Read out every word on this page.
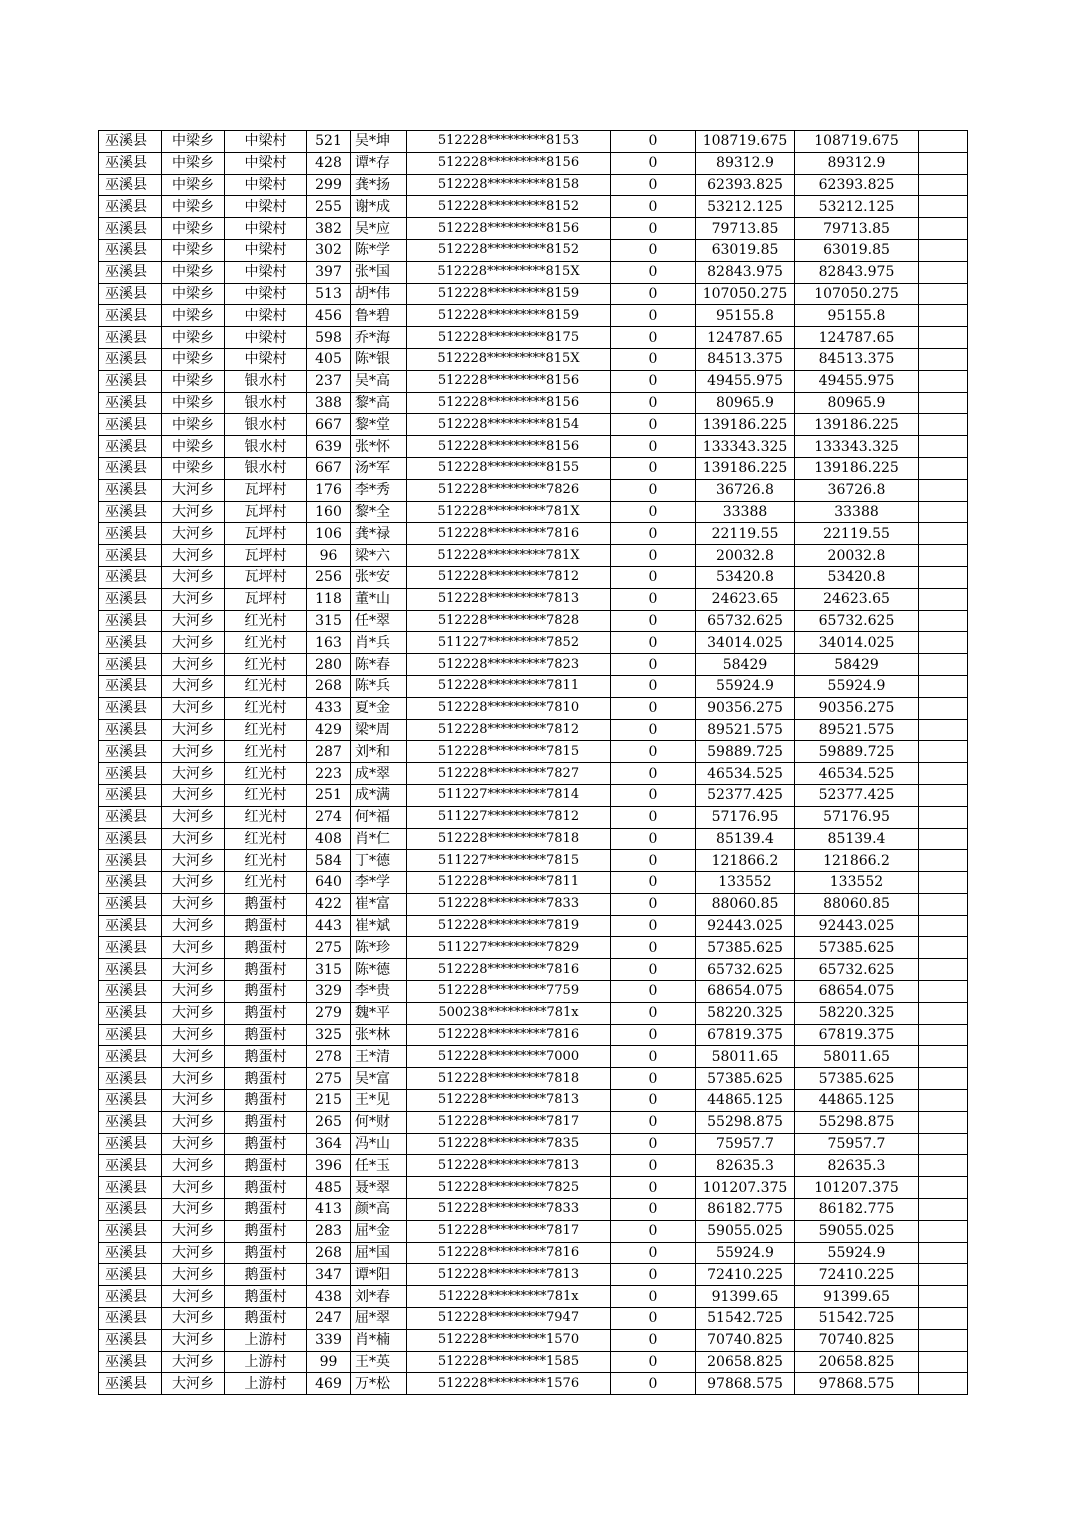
巫溪县	中梁乡	中梁村	521	吴*坤	512228*********8153	0	108719.675	108719.675	
巫溪县	中梁乡	中梁村	428	谭*存	512228*********8156	0	89312.9	89312.9	
巫溪县	中梁乡	中梁村	299	龚*扬	512228*********8158	0	62393.825	62393.825	
巫溪县	中梁乡	中梁村	255	谢*成	512228*********8152	0	53212.125	53212.125	
巫溪县	中梁乡	中梁村	382	吴*应	512228*********8156	0	79713.85	79713.85	
巫溪县	中梁乡	中梁村	302	陈*学	512228*********8152	0	63019.85	63019.85	
巫溪县	中梁乡	中梁村	397	张*国	512228*********815X	0	82843.975	82843.975	
巫溪县	中梁乡	中梁村	513	胡*伟	512228*********8159	0	107050.275	107050.275	
巫溪县	中梁乡	中梁村	456	鲁*碧	512228*********8159	0	95155.8	95155.8	
巫溪县	中梁乡	中梁村	598	乔*海	512228*********8175	0	124787.65	124787.65	
巫溪县	中梁乡	中梁村	405	陈*银	512228*********815X	0	84513.375	84513.375	
巫溪县	中梁乡	银水村	237	吴*高	512228*********8156	0	49455.975	49455.975	
巫溪县	中梁乡	银水村	388	黎*高	512228*********8156	0	80965.9	80965.9	
巫溪县	中梁乡	银水村	667	黎*堂	512228*********8154	0	139186.225	139186.225	
巫溪县	中梁乡	银水村	639	张*怀	512228*********8156	0	133343.325	133343.325	
巫溪县	中梁乡	银水村	667	汤*军	512228*********8155	0	139186.225	139186.225	
巫溪县	大河乡	瓦坪村	176	李*秀	512228*********7826	0	36726.8	36726.8	
巫溪县	大河乡	瓦坪村	160	黎*全	512228*********781X	0	33388	33388	
巫溪县	大河乡	瓦坪村	106	龚*禄	512228*********7816	0	22119.55	22119.55	
巫溪县	大河乡	瓦坪村	96	梁*六	512228*********781X	0	20032.8	20032.8	
巫溪县	大河乡	瓦坪村	256	张*安	512228*********7812	0	53420.8	53420.8	
巫溪县	大河乡	瓦坪村	118	董*山	512228*********7813	0	24623.65	24623.65	
巫溪县	大河乡	红光村	315	任*翠	512228*********7828	0	65732.625	65732.625	
巫溪县	大河乡	红光村	163	肖*兵	511227*********7852	0	34014.025	34014.025	
巫溪县	大河乡	红光村	280	陈*春	512228*********7823	0	58429	58429	
巫溪县	大河乡	红光村	268	陈*兵	512228*********7811	0	55924.9	55924.9	
巫溪县	大河乡	红光村	433	夏*金	512228*********7810	0	90356.275	90356.275	
巫溪县	大河乡	红光村	429	梁*周	512228*********7812	0	89521.575	89521.575	
巫溪县	大河乡	红光村	287	刘*和	512228*********7815	0	59889.725	59889.725	
巫溪县	大河乡	红光村	223	成*翠	512228*********7827	0	46534.525	46534.525	
巫溪县	大河乡	红光村	251	成*满	511227*********7814	0	52377.425	52377.425	
巫溪县	大河乡	红光村	274	何*福	511227*********7812	0	57176.95	57176.95	
巫溪县	大河乡	红光村	408	肖*仁	512228*********7818	0	85139.4	85139.4	
巫溪县	大河乡	红光村	584	丁*德	511227*********7815	0	121866.2	121866.2	
巫溪县	大河乡	红光村	640	李*学	512228*********7811	0	133552	133552	
巫溪县	大河乡	鹅蛋村	422	崔*富	512228*********7833	0	88060.85	88060.85	
巫溪县	大河乡	鹅蛋村	443	崔*斌	512228*********7819	0	92443.025	92443.025	
巫溪县	大河乡	鹅蛋村	275	陈*珍	511227*********7829	0	57385.625	57385.625	
巫溪县	大河乡	鹅蛋村	315	陈*德	512228*********7816	0	65732.625	65732.625	
巫溪县	大河乡	鹅蛋村	329	李*贵	512228*********7759	0	68654.075	68654.075	
巫溪县	大河乡	鹅蛋村	279	魏*平	500238*********781x	0	58220.325	58220.325	
巫溪县	大河乡	鹅蛋村	325	张*林	512228*********7816	0	67819.375	67819.375	
巫溪县	大河乡	鹅蛋村	278	王*清	512228*********7000	0	58011.65	58011.65	
巫溪县	大河乡	鹅蛋村	275	吴*富	512228*********7818	0	57385.625	57385.625	
巫溪县	大河乡	鹅蛋村	215	王*见	512228*********7813	0	44865.125	44865.125	
巫溪县	大河乡	鹅蛋村	265	何*财	512228*********7817	0	55298.875	55298.875	
巫溪县	大河乡	鹅蛋村	364	冯*山	512228*********7835	0	75957.7	75957.7	
巫溪县	大河乡	鹅蛋村	396	任*玉	512228*********7813	0	82635.3	82635.3	
巫溪县	大河乡	鹅蛋村	485	聂*翠	512228*********7825	0	101207.375	101207.375	
巫溪县	大河乡	鹅蛋村	413	颜*高	512228*********7833	0	86182.775	86182.775	
巫溪县	大河乡	鹅蛋村	283	屈*金	512228*********7817	0	59055.025	59055.025	
巫溪县	大河乡	鹅蛋村	268	屈*国	512228*********7816	0	55924.9	55924.9	
巫溪县	大河乡	鹅蛋村	347	谭*阳	512228*********7813	0	72410.225	72410.225	
巫溪县	大河乡	鹅蛋村	438	刘*春	512228*********781x	0	91399.65	91399.65	
巫溪县	大河乡	鹅蛋村	247	屈*翠	512228*********7947	0	51542.725	51542.725	
巫溪县	大河乡	上游村	339	肖*楠	512228*********1570	0	70740.825	70740.825	
巫溪县	大河乡	上游村	99	王*英	512228*********1585	0	20658.825	20658.825	
巫溪县	大河乡	上游村	469	万*松	512228*********1576	0	97868.575	97868.575	
